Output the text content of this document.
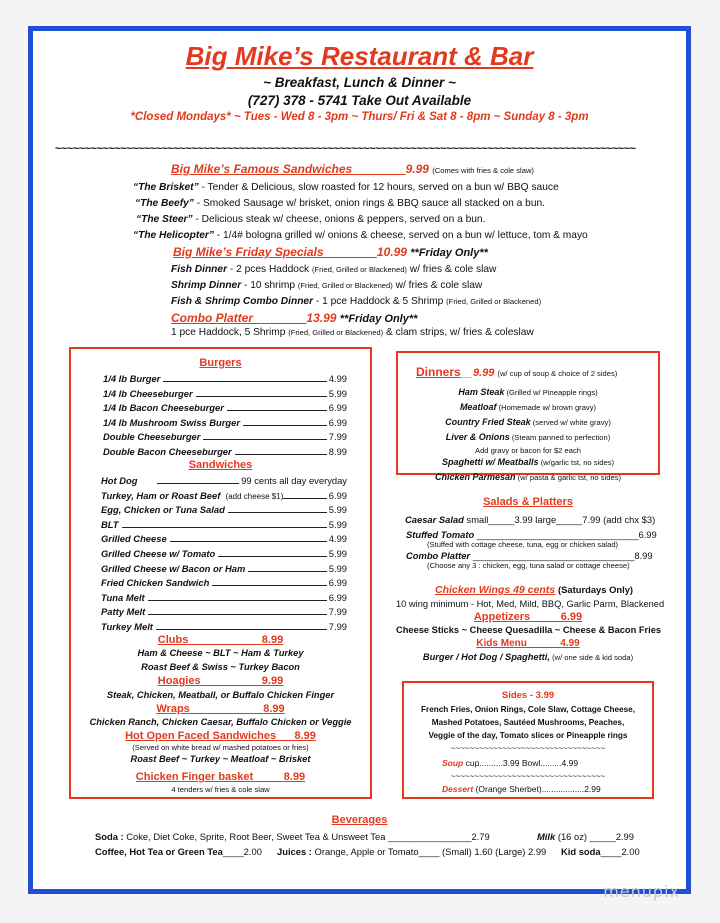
Big Mike’s Restaurant & Bar
~ Breakfast, Lunch & Dinner ~
(727) 378 - 5741 Take Out Available
*Closed Mondays* ~ Tues - Wed 8 - 3pm ~ Thurs/ Fri & Sat 8 - 8pm ~ Sunday 8 - 3pm
~~~~~~~~~~~~~~~~~~~~~~~~~~~~~~~~~~~~~~~~~~~~~~~~~~~~~~~~~~~~~~~~~~~~~~~~~~~~~~~~~~~~~~~~~~~~~~~~~~
Big Mike’s Famous Sandwiches________9.99 (Comes with fries & cole slaw)
“The Brisket” - Tender & Delicious, slow roasted for 12 hours, served on a bun w/ BBQ sauce
“The Beefy” - Smoked Sausage w/ brisket, onion rings & BBQ sauce all stacked on a bun.
“The Steer” - Delicious steak w/ cheese, onions & peppers, served on a bun.
“The Helicopter” - 1/4# bologna grilled w/ onions & cheese, served on a bun w/ lettuce, tom & mayo
Big Mike’s Friday Specials________10.99 **Friday Only**
Fish Dinner - 2 pces Haddock (Fried, Grilled or Blackened) w/ fries & cole slaw
Shrimp Dinner - 10 shrimp (Fried, Grilled or Blackened) w/ fries & cole slaw
Fish & Shrimp Combo Dinner - 1 pce Haddock & 5 Shrimp (Fried, Grilled or Blackened)
Combo Platter________13.99 **Friday Only**
1 pce Haddock, 5 Shrimp (Fried, Grilled or Blackened) & clam strips, w/ fries & coleslaw
Burgers
1/4 lb Burger	4.99
1/4 lb Cheeseburger	5.99
1/4 lb Bacon Cheeseburger	6.99
1/4 lb Mushroom Swiss Burger	6.99
Double Cheeseburger	7.99
Double Bacon Cheeseburger	8.99
Sandwiches
Hot Dog	99 cents all day everyday
Turkey, Ham or Roast Beef (add cheese $1)	6.99
Egg, Chicken or Tuna Salad	5.99
BLT	5.99
Grilled Cheese	4.99
Grilled Cheese w/ Tomato	5.99
Grilled Cheese w/ Bacon or Ham	5.99
Fried Chicken Sandwich	6.99
Tuna Melt	6.99
Patty Melt	7.99
Turkey Melt	7.99
Clubs____________8.99
Ham & Cheese ~ BLT ~ Ham & Turkey
Roast Beef & Swiss ~ Turkey Bacon
Hoagies__________9.99
Steak, Chicken, Meatball, or Buffalo Chicken Finger
Wraps____________8.99
Chicken Ranch, Chicken Caesar, Buffalo Chicken or Veggie
Hot Open Faced Sandwiches___8.99
(Served on white bread w/ mashed potatoes or fries)
Roast Beef ~ Turkey ~ Meatloaf ~ Brisket
Chicken Finger basket_____8.99
4 tenders w/ fries & cole slaw
Dinners__9.99 (w/ cup of soup & choice of 2 sides)
Ham Steak (Grilled w/ Pineapple rings)
Meatloaf (Homemade w/ brown gravy)
Country Fried Steak (served w/ white gravy)
Liver & Onions (Steam panned to perfection)
Add gravy or bacon for $2 each
Spaghetti w/ Meatballs (w/garlic tst, no sides)
Chicken Parmesan (w/ pasta & garlic tst, no sides)
Salads & Platters
Caesar Salad small_____3.99 large_____7.99 (add chx $3)
Stuffed Tomato _______________________________6.99
(Stuffed with cottage cheese, tuna, egg or chicken salad)
Combo Platter _______________________________8.99
(Choose any 3 : chicken, egg, tuna salad or cottage cheese)
Chicken Wings 49 cents (Saturdays Only)
10 wing minimum - Hot, Med, Mild, BBQ, Garlic Parm, Blackened
Appetizers_____6.99
Cheese Sticks ~ Cheese Quesadilla ~ Cheese & Bacon Fries
Kids Menu______4.99
Burger / Hot Dog / Spaghetti, (w/ one side & kid soda)
Sides - 3.99
French Fries, Onion Rings, Cole Slaw, Cottage Cheese,
Mashed Potatoes, Sautéed Mushrooms, Peaches,
Veggie of the day, Tomato slices or Pineapple rings
~~~~~~~~~~~~~~~~~~~~~~~~~~~~~~~~~
Soup cup..........3.99 Bowl.........4.99
~~~~~~~~~~~~~~~~~~~~~~~~~~~~~~~~~
Dessert (Orange Sherbet)..................2.99
Beverages
Soda : Coke, Diet Coke, Sprite, Root Beer, Sweet Tea & Unsweet Tea ________________2.79	Milk (16 oz) _____2.99
Coffee, Hot Tea or Green Tea____2.00 Juices : Orange, Apple or Tomato____ (Small) 1.60 (Large) 2.99 Kid soda____2.00
menupix
